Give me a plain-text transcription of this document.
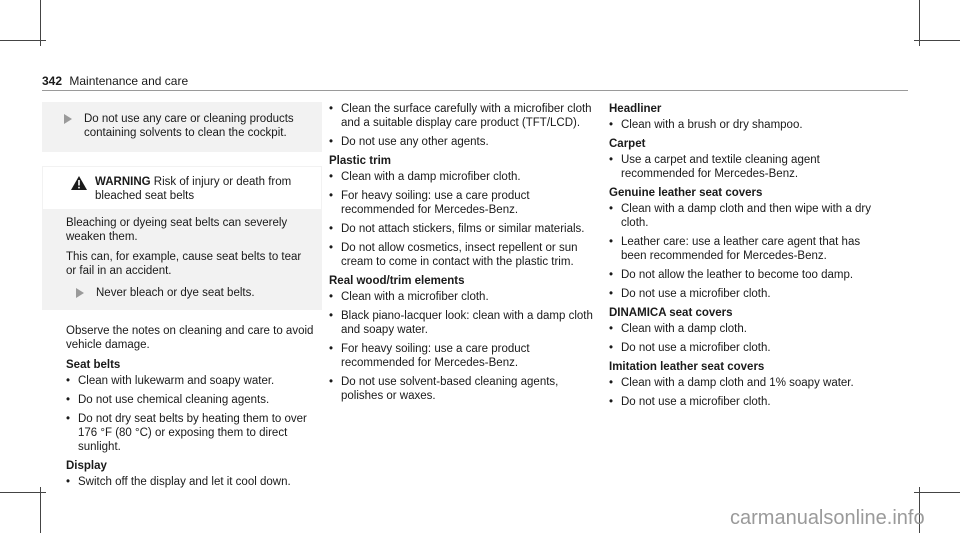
342 Maintenance and care
Do not use any care or cleaning products containing solvents to clean the cockpit.
WARNING Risk of injury or death from bleached seat belts

Bleaching or dyeing seat belts can severely weaken them.

This can, for example, cause seat belts to tear or fail in an accident.

Never bleach or dye seat belts.

Observe the notes on cleaning and care to avoid vehicle damage.

Seat belts
• Clean with lukewarm and soapy water.
• Do not use chemical cleaning agents.
• Do not dry seat belts by heating them to over 176 °F (80 °C) or exposing them to direct sunlight.
Display
• Switch off the display and let it cool down.
• Clean the surface carefully with a microfiber cloth and a suitable display care product (TFT/LCD).
• Do not use any other agents.
Plastic trim
• Clean with a damp microfiber cloth.
• For heavy soiling: use a care product recommended for Mercedes-Benz.
• Do not attach stickers, films or similar materials.
• Do not allow cosmetics, insect repellent or sun cream to come in contact with the plastic trim.
Real wood/trim elements
• Clean with a microfiber cloth.
• Black piano-lacquer look: clean with a damp cloth and soapy water.
• For heavy soiling: use a care product recommended for Mercedes-Benz.
• Do not use solvent-based cleaning agents, polishes or waxes.
Headliner
• Clean with a brush or dry shampoo.
Carpet
• Use a carpet and textile cleaning agent recommended for Mercedes-Benz.
Genuine leather seat covers
• Clean with a damp cloth and then wipe with a dry cloth.
• Leather care: use a leather care agent that has been recommended for Mercedes-Benz.
• Do not allow the leather to become too damp.
• Do not use a microfiber cloth.
DINAMICA seat covers
• Clean with a damp cloth.
• Do not use a microfiber cloth.
Imitation leather seat covers
• Clean with a damp cloth and 1% soapy water.
• Do not use a microfiber cloth.
carmanualsonline.info
